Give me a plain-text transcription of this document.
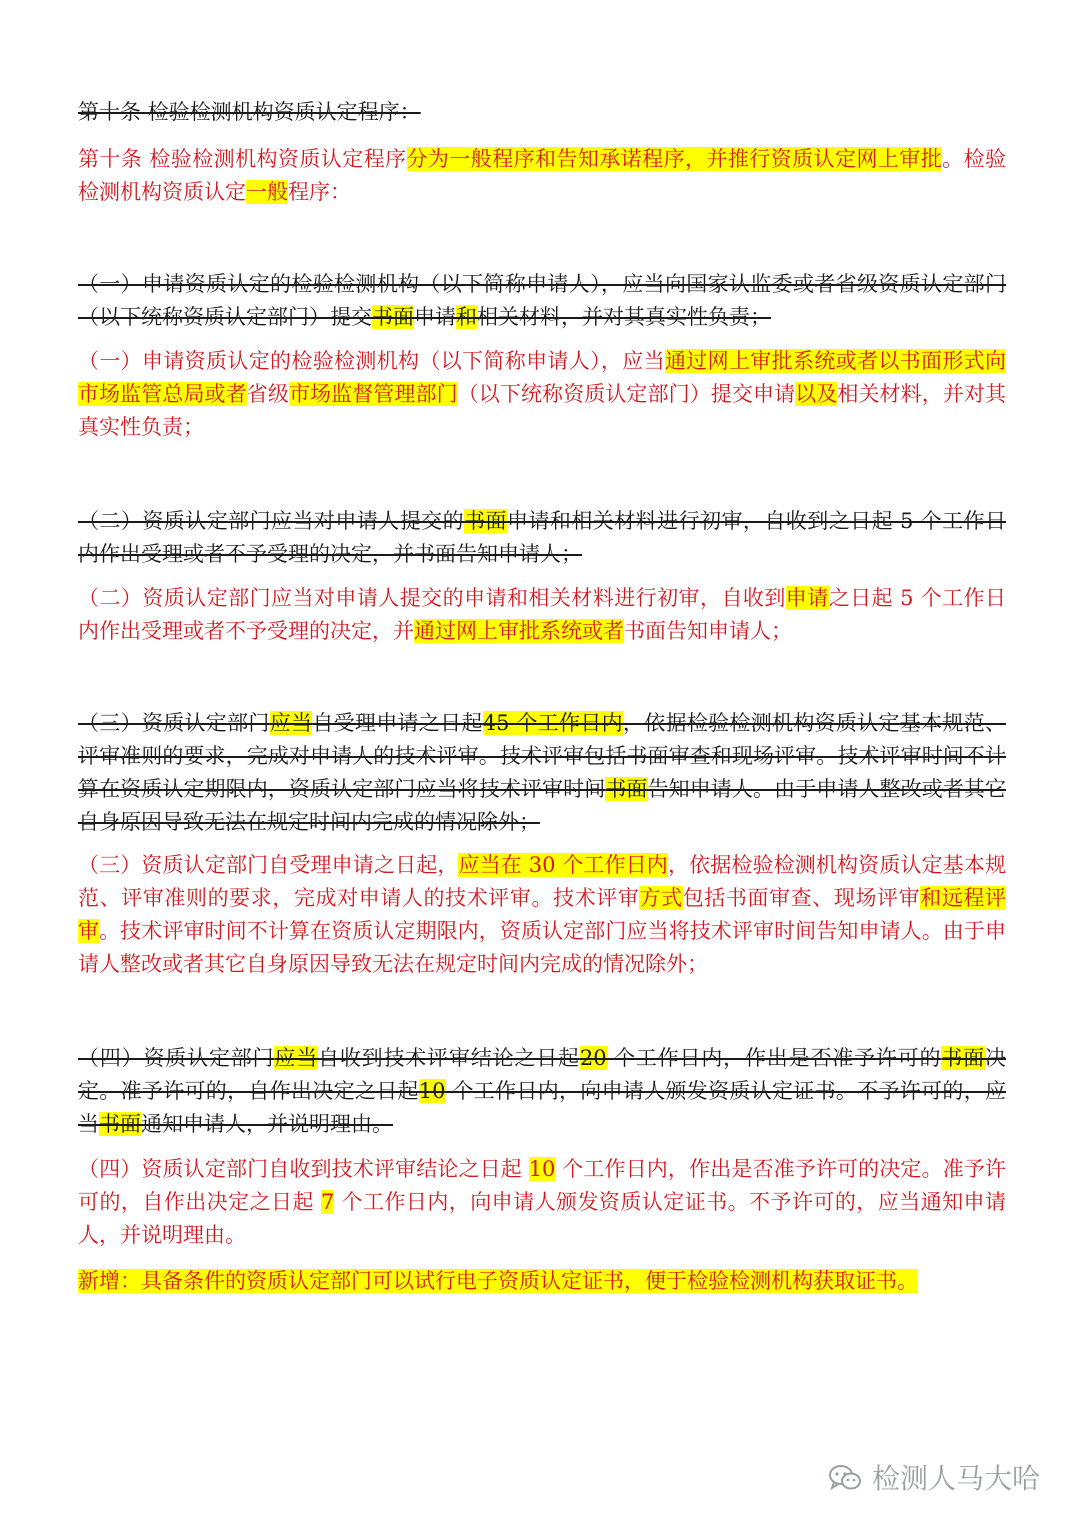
第十条 检验检测机构资质认定程序：

第十条 检验检测机构资质认定程序分为一般程序和告知承诺程序，并推行资质认定网上审批。检验检测机构资质认定一般程序：

（一）申请资质认定的检验检测机构（以下简称申请人），应当向国家认监委或者省级资质认定部门（以下统称资质认定部门）提交书面申请和相关材料，并对其真实性负责；

（一）申请资质认定的检验检测机构（以下简称申请人），应当通过网上审批系统或者以书面形式向市场监管总局或者省级市场监督管理部门（以下统称资质认定部门）提交申请以及相关材料，并对其真实性负责；

（二）资质认定部门应当对申请人提交的书面申请和相关材料进行初审，自收到之日起 5 个工作日内作出受理或者不予受理的决定，并书面告知申请人；

（二）资质认定部门应当对申请人提交的申请和相关材料进行初审，自收到申请之日起 5 个工作日内作出受理或者不予受理的决定，并通过网上审批系统或者书面告知申请人；

（三）资质认定部门应当自受理申请之日起45 个工作日内，依据检验检测机构资质认定基本规范、评审准则的要求，完成对申请人的技术评审。技术评审包括书面审查和现场评审。技术评审时间不计算在资质认定期限内，资质认定部门应当将技术评审时间书面告知申请人。由于申请人整改或者其它自身原因导致无法在规定时间内完成的情况除外；

（三）资质认定部门自受理申请之日起，应当在 30 个工作日内，依据检验检测机构资质认定基本规范、评审准则的要求，完成对申请人的技术评审。技术评审方式包括书面审查、现场评审和远程评审。技术评审时间不计算在资质认定期限内，资质认定部门应当将技术评审时间告知申请人。由于申请人整改或者其它自身原因导致无法在规定时间内完成的情况除外；

（四）资质认定部门应当自收到技术评审结论之日起20 个工作日内，作出是否准予许可的书面决定。准予许可的，自作出决定之日起10 个工作日内，向申请人颁发资质认定证书。不予许可的，应当书面通知申请人，并说明理由。

（四）资质认定部门自收到技术评审结论之日起 10 个工作日内，作出是否准予许可的决定。准予许可的，自作出决定之日起 7 个工作日内，向申请人颁发资质认定证书。不予许可的，应当通知申请人，并说明理由。

新增：具备条件的资质认定部门可以试行电子资质认定证书，便于检验检测机构获取证书。

检测人马大哈
